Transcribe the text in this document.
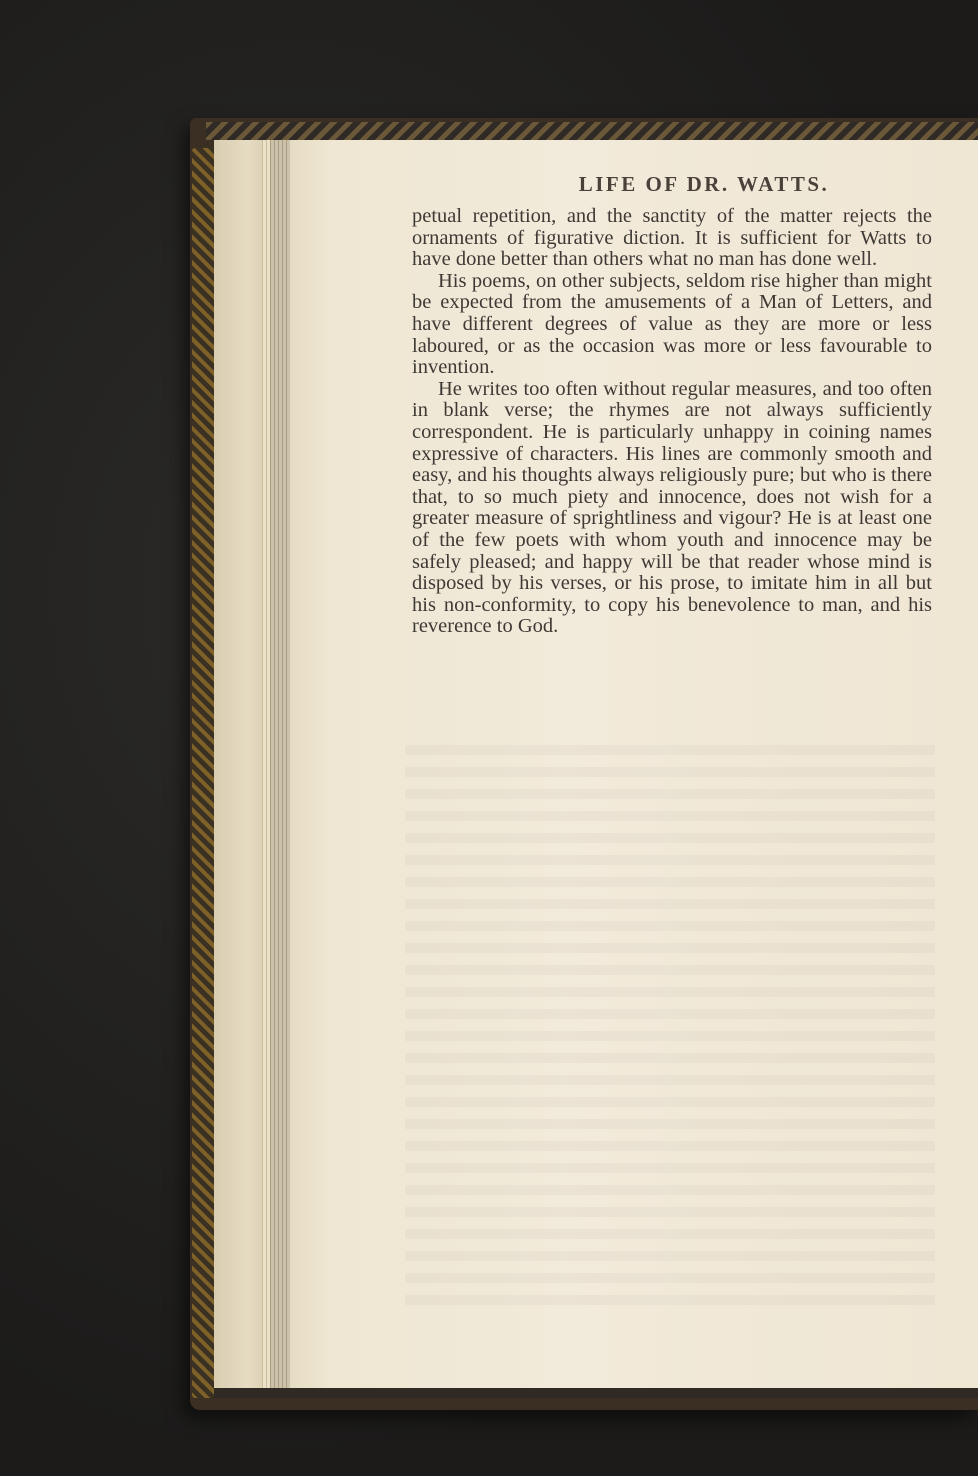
LIFE OF DR. WATTS.

petual repetition, and the sanctity of the matter rejects the ornaments of figurative diction. It is sufficient for Watts to have done better than others what no man has done well.

His poems, on other subjects, seldom rise higher than might be expected from the amusements of a Man of Letters, and have different degrees of value as they are more or less laboured, or as the occasion was more or less favourable to invention.

He writes too often without regular measures, and too often in blank verse; the rhymes are not always sufficiently correspondent. He is particularly unhappy in coining names expressive of characters. His lines are commonly smooth and easy, and his thoughts always religiously pure; but who is there that, to so much piety and innocence, does not wish for a greater measure of sprightliness and vigour? He is at least one of the few poets with whom youth and innocence may be safely pleased; and happy will be that reader whose mind is disposed by his verses, or his prose, to imitate him in all but his non-conformity, to copy his benevolence to man, and his reverence to God.
